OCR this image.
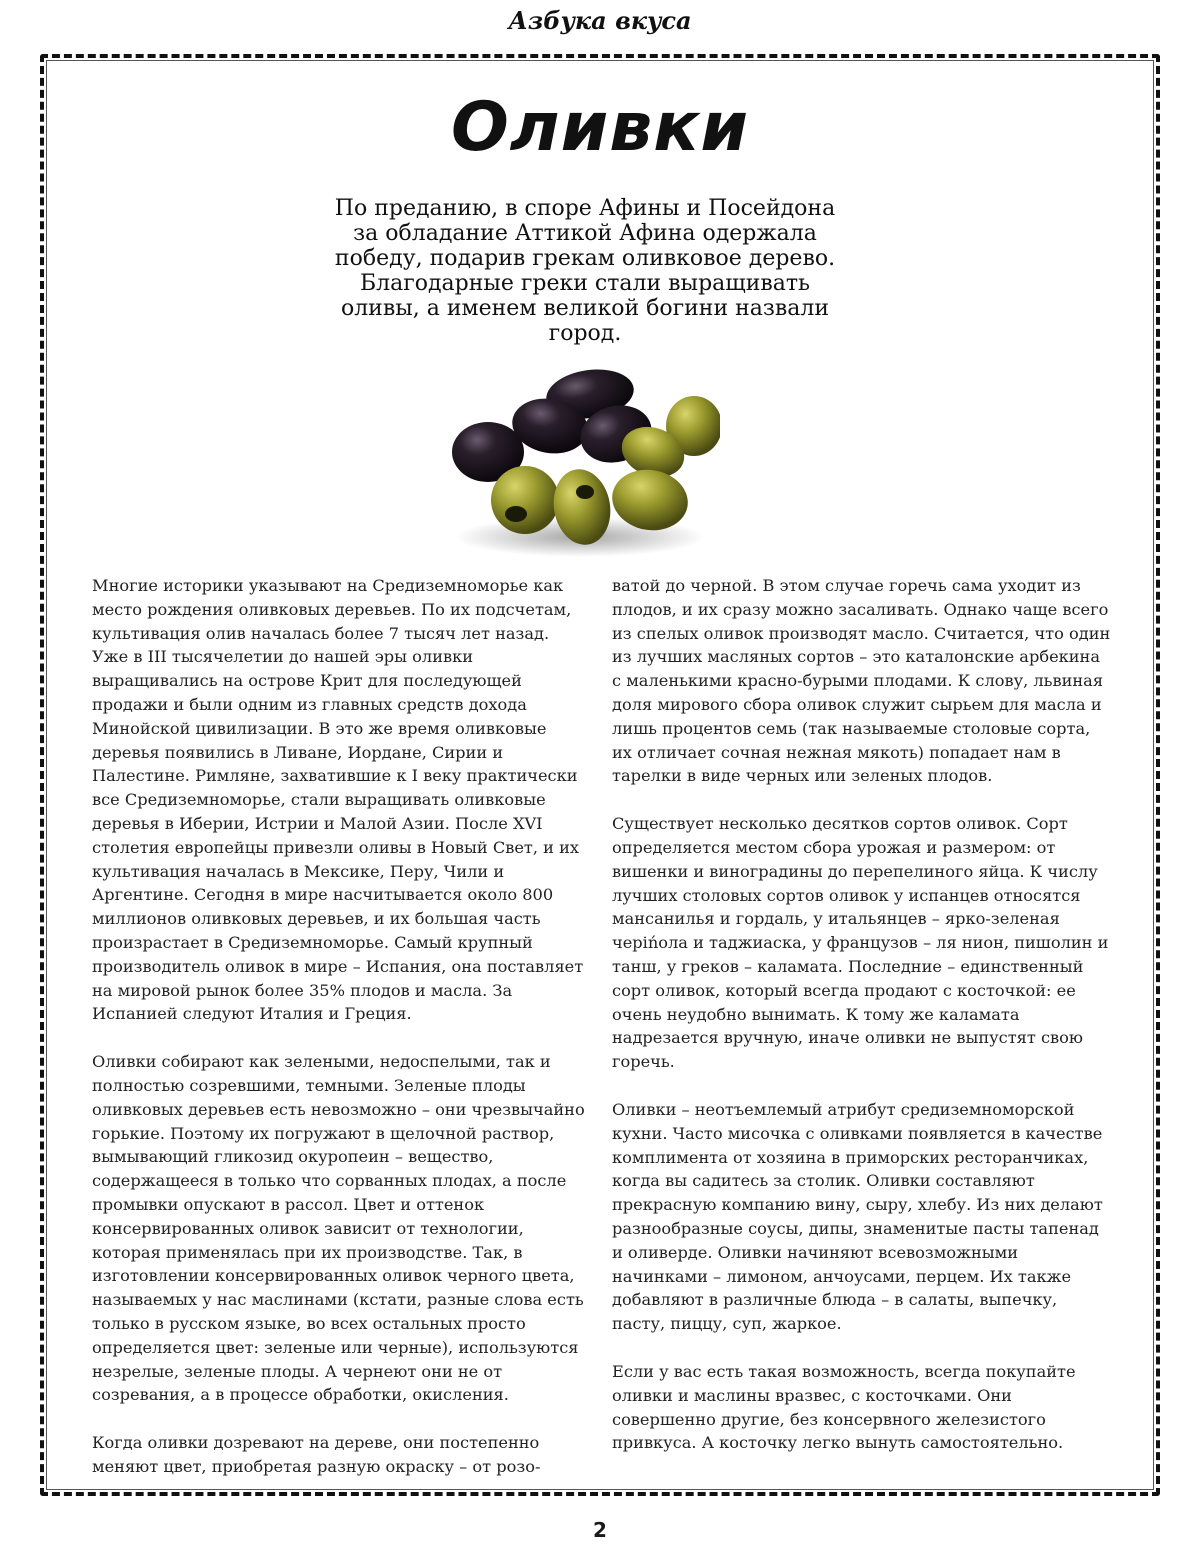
Азбука вкуса
Оливки
По преданию, в споре Афины и Посейдона за обладание Аттикой Афина одержала победу, подарив грекам оливковое дерево. Благодарные греки стали выращивать оливы, а именем великой богини назвали город.

Многие историки указывают на Средиземноморье как место рождения оливковых деревьев. По их подсчетам, культивация олив началась более 7 тысяч лет назад. Уже в III тысячелетии до нашей эры оливки выращивались на острове Крит для последующей продажи и были одним из главных средств дохода Минойской цивилизации. В это же время оливковые деревья появились в Ливане, Иордане, Сирии и Палестине. Римляне, захватившие к I веку практически все Средиземноморье, стали выращивать оливковые деревья в Иберии, Истрии и Малой Азии. После XVI столетия европейцы привезли оливы в Новый Свет, и их культивация началась в Мексике, Перу, Чили и Аргентине. Сегодня в мире насчитывается около 800 миллионов оливковых деревьев, и их большая часть произрастает в Средиземноморье. Самый крупный производитель оливок в мире – Испания, она поставляет на мировой рынок более 35% плодов и масла. За Испанией следуют Италия и Греция.

Оливки собирают как зелеными, недоспелыми, так и полностью созревшими, темными. Зеленые плоды оливковых деревьев есть невозможно – они чрезвычайно горькие. Поэтому их погружают в щелочной раствор, вымывающий гликозид окуропеин – вещество, содержащееся в только что сорванных плодах, а после промывки опускают в рассол. Цвет и оттенок консервированных оливок зависит от технологии, которая применялась при их производстве. Так, в изготовлении консервированных оливок черного цвета, называемых у нас маслинами (кстати, разные слова есть только в русском языке, во всех остальных просто определяется цвет: зеленые или черные), используются незрелые, зеленые плоды. А чернеют они не от созревания, а в процессе обработки, окисления.

Когда оливки дозревают на дереве, они постепенно меняют цвет, приобретая разную окраску – от розо-

ватой до черной. В этом случае горечь сама уходит из плодов, и их сразу можно засаливать. Однако чаще всего из спелых оливок производят масло. Считается, что один из лучших масляных сортов – это каталонские арбекина с маленькими красно-бурыми плодами. К слову, львиная доля мирового сбора оливок служит сырьем для масла и лишь процентов семь (так называемые столовые сорта, их отличает сочная нежная мякоть) попадает нам в тарелки в виде черных или зеленых плодов.

Существует несколько десятков сортов оливок. Сорт определяется местом сбора урожая и размером: от вишенки и виноградины до перепелиного яйца. К числу лучших столовых сортов оливок у испанцев относятся мансанилья и гордаль, у итальянцев – ярко-зеленая черińола и таджиаска, у французов – ля нион, пишолин и танш, у греков – каламата. Последние – единственный сорт оливок, который всегда продают с косточкой: ее очень неудобно вынимать. К тому же каламата надрезается вручную, иначе оливки не выпустят свою горечь.

Оливки – неотъемлемый атрибут средиземноморской кухни. Часто мисочка с оливками появляется в качестве комплимента от хозяина в приморских ресторанчиках, когда вы садитесь за столик. Оливки составляют прекрасную компанию вину, сыру, хлебу. Из них делают разнообразные соусы, дипы, знаменитые пасты тапенад и оливерде. Оливки начиняют всевозможными начинками – лимоном, анчоусами, перцем. Их также добавляют в различные блюда – в салаты, выпечку, пасту, пиццу, суп, жаркое.

Если у вас есть такая возможность, всегда покупайте оливки и маслины вразвес, с косточками. Они совершенно другие, без консервного железистого привкуса. А косточку легко вынуть самостоятельно.

2
